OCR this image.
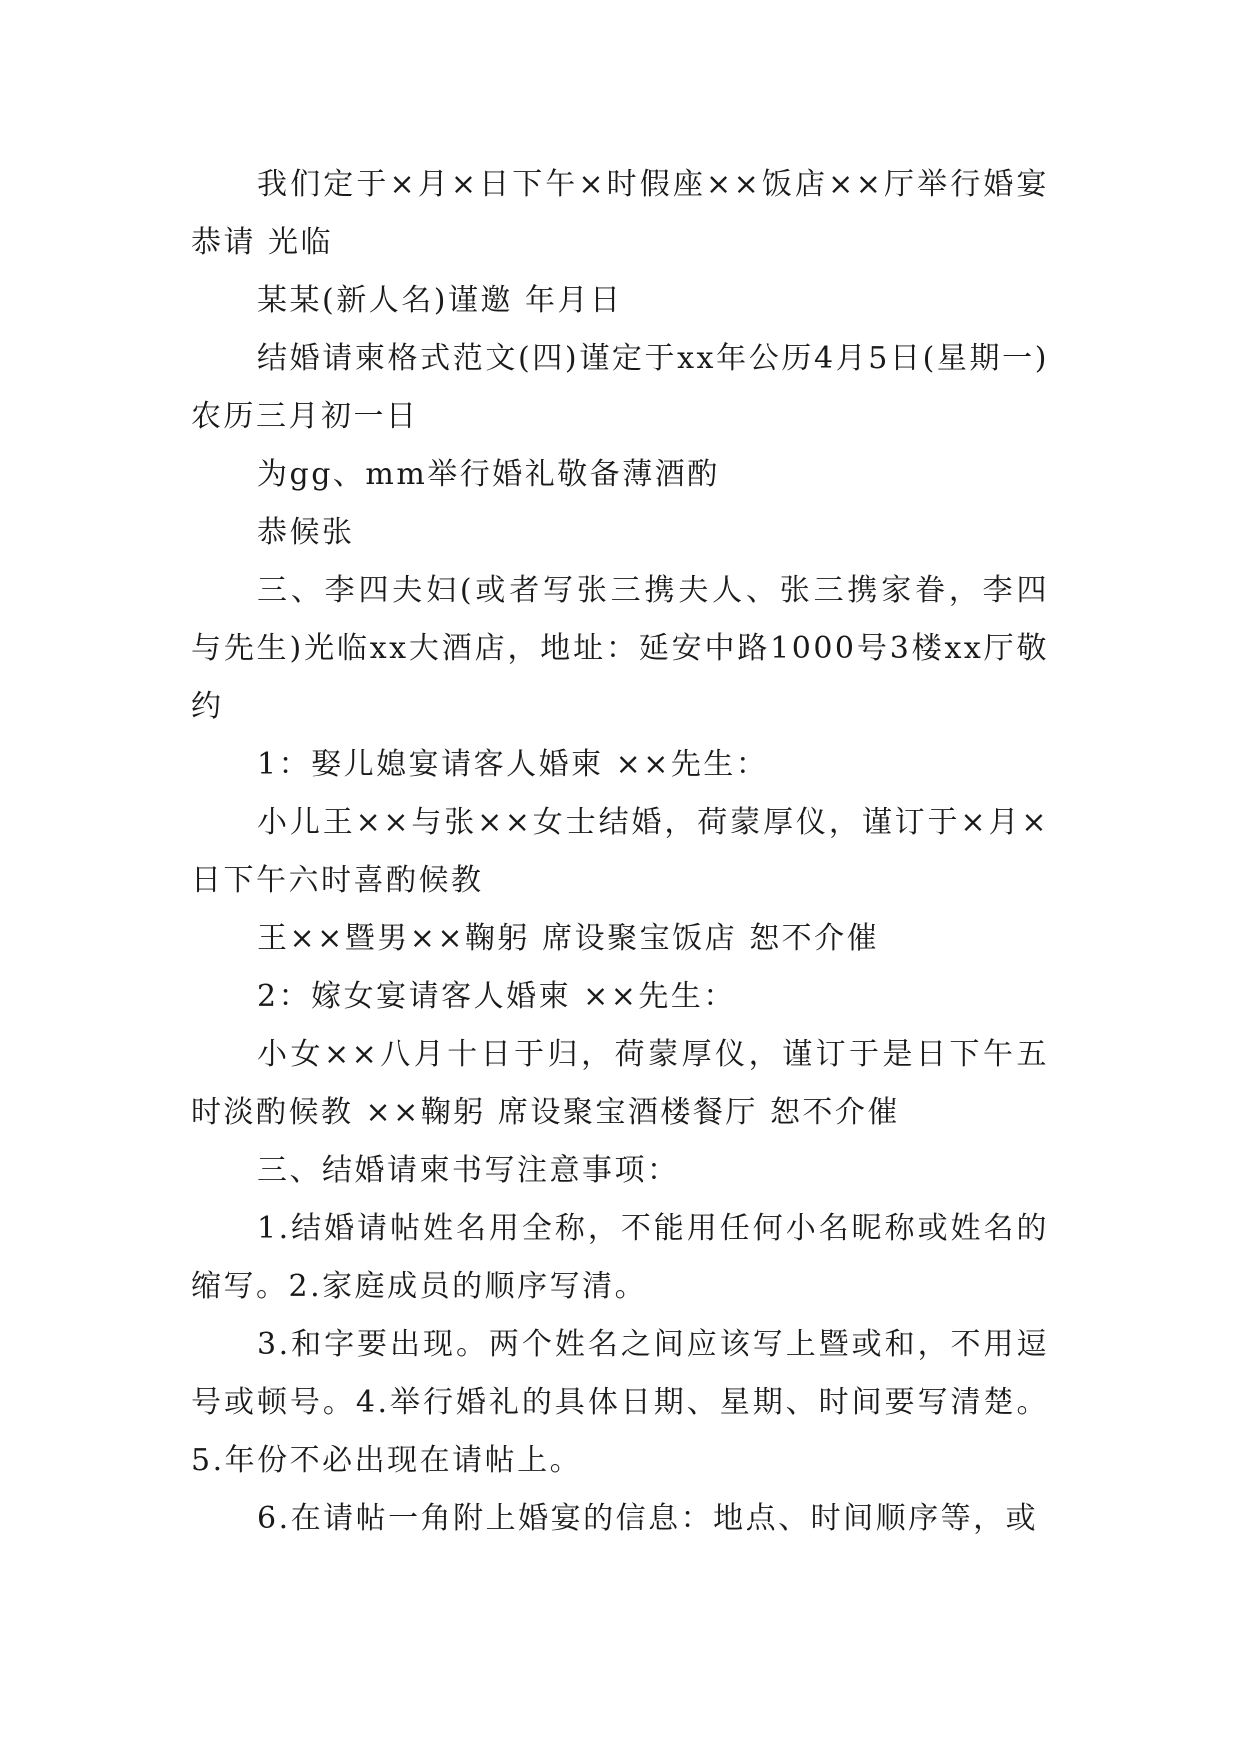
我们定于×月×日下午×时假座××饭店××厅举行婚宴 恭请 光临

某某(新人名)谨邀 年月日

结婚请柬格式范文(四)谨定于xx年公历4月5日(星期一)农历三月初一日

为gg、mm举行婚礼敬备薄酒酌

恭候张

三、李四夫妇(或者写张三携夫人、张三携家眷，李四与先生)光临xx大酒店，地址：延安中路1000号3楼xx厅敬约

1：娶儿媳宴请客人婚柬 ××先生：

小儿王××与张××女士结婚，荷蒙厚仪，谨订于×月×日下午六时喜酌候教

王××暨男××鞠躬 席设聚宝饭店 恕不介催

2：嫁女宴请客人婚柬 ××先生：

小女××八月十日于归，荷蒙厚仪，谨订于是日下午五时淡酌候教 ××鞠躬 席设聚宝酒楼餐厅 恕不介催

三、结婚请柬书写注意事项：

1.结婚请帖姓名用全称，不能用任何小名昵称或姓名的缩写。2.家庭成员的顺序写清。

3.和字要出现。两个姓名之间应该写上暨或和，不用逗号或顿号。4.举行婚礼的具体日期、星期、时间要写清楚。5.年份不必出现在请帖上。

6.在请帖一角附上婚宴的信息：地点、时间顺序等，或
